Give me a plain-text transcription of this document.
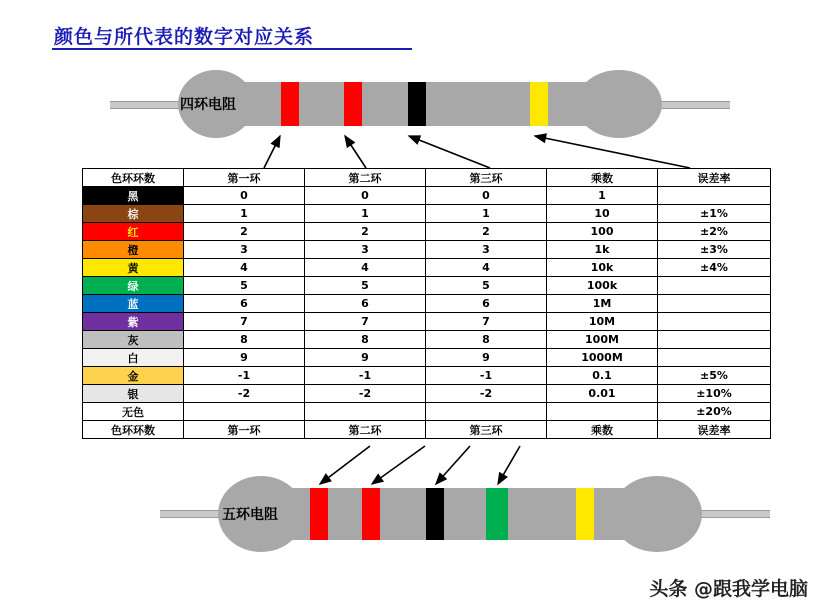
颜色与所代表的数字对应关系
四环电阻
色环环数	第一环	第二环	第三环	乘数	误差率
黑	0	0	0	1	
棕	1	1	1	10	±1%
红	2	2	2	100	±2%
橙	3	3	3	1k	±3%
黄	4	4	4	10k	±4%
绿	5	5	5	100k	
蓝	6	6	6	1M	
紫	7	7	7	10M	
灰	8	8	8	100M	
白	9	9	9	1000M	
金	-1	-1	-1	0.1	±5%
银	-2	-2	-2	0.01	±10%
无色					±20%
色环环数	第一环	第二环	第三环	乘数	误差率
五环电阻
头条 @跟我学电脑
